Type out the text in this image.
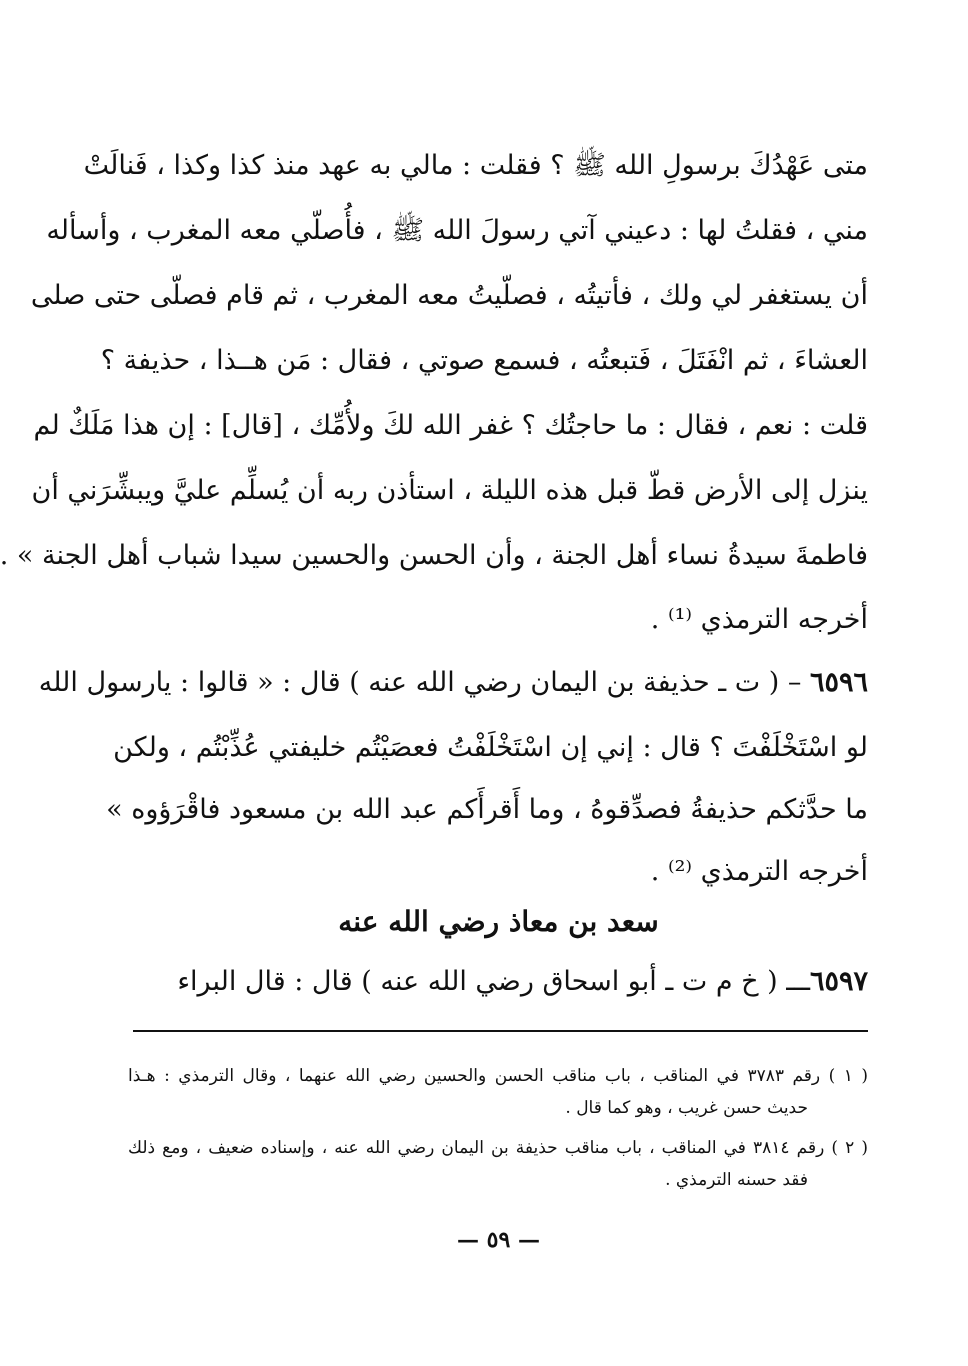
متى عَهْدُكَ برسولِ الله ﷺ ؟ فقلت : مالي به عهد منذ كذا وكذا ، فَنالَتْ
مني ، فقلتُ لها : دعيني آتي رسولَ الله ﷺ ، فأُصلّي معه المغرب ، وأسأله
أن يستغفر لي ولك ، فأتيتُه ، فصلّيتُ معه المغرب ، ثم قام فصلّى حتى صلى
العشاءَ ، ثم انْفَتَلَ ، فَتبعتُه ، فسمع صوتي ، فقال : مَن هــذا ، حذيفة ؟
قلت : نعم ، فقال : ما حاجتُك ؟ غفر الله لكَ ولأُمِّك ، [قال] : إن هذا مَلَكٌ لم
ينزل إلى الأرض قطّ قبل هذه الليلة ، استأذن ربه أن يُسلِّم عليَّ ويبشِّرَني أن
فاطمةَ سيدةُ نساء أهل الجنة ، وأن الحسن والحسين سيدا شباب أهل الجنة » .
أخرجه الترمذي ⁽¹⁾ .
٦٥٩٦ – ( ت ـ حذيفة بن اليمان رضي الله عنه ) قال : « قالوا : يارسول الله
لو اسْتَخْلَفْتَ ؟ قال : إني إن اسْتَخْلَفْتُ فعصَيْتُم خليفتي عُذِّبْتُم ، ولكن
ما حدَّثكم حذيفةُ فصدِّقوهُ ، وما أَقرأَكم عبد الله بن مسعود فاقْرَؤوه »
أخرجه الترمذي ⁽²⁾ .
سعد بن معاذ رضي الله عنه
٦٥٩٧ـــ ( خ م ت ـ أبو اسحاق رضي الله عنه ) قال : قال البراء
( ١ ) رقم ٣٧٨٣ في المناقب ، باب مناقب الحسن والحسين رضي الله عنهما ، وقال الترمذي : هـذا
حديث حسن غريب ، وهو كما قال .
( ٢ ) رقم ٣٨١٤ في المناقب ، باب مناقب حذيفة بن اليمان رضي الله عنه ، وإسناده ضعيف ، ومع ذلك
فقد حسنه الترمذي .
— ٥٩ —
